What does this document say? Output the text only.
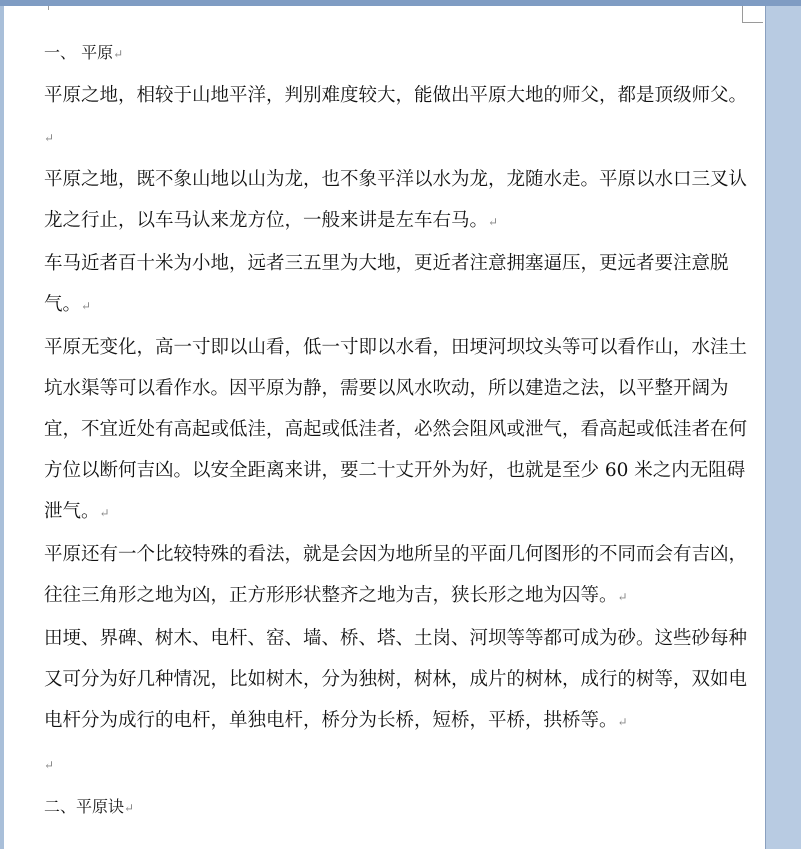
一、 平原↵

平原之地，相较于山地平洋，判别难度较大，能做出平原大地的师父，都是顶级师父。↵

平原之地，既不象山地以山为龙，也不象平洋以水为龙，龙随水走。平原以水口三叉认龙之行止，以车马认来龙方位，一般来讲是左车右马。↵

车马近者百十米为小地，远者三五里为大地，更近者注意拥塞逼压，更远者要注意脱气。↵

平原无变化，高一寸即以山看，低一寸即以水看，田埂河坝坟头等可以看作山，水洼土坑水渠等可以看作水。因平原为静，需要以风水吹动，所以建造之法，以平整开阔为宜，不宜近处有高起或低洼，高起或低洼者，必然会阻风或泄气，看高起或低洼者在何方位以断何吉凶。以安全距离来讲，要二十丈开外为好，也就是至少 60 米之内无阻碍泄气。↵

平原还有一个比较特殊的看法，就是会因为地所呈的平面几何图形的不同而会有吉凶，往往三角形之地为凶，正方形形状整齐之地为吉，狭长形之地为囚等。↵

田埂、界碑、树木、电杆、窑、墙、桥、塔、土岗、河坝等等都可成为砂。这些砂每种又可分为好几种情况，比如树木，分为独树，树林，成片的树林，成行的树等，双如电电杆分为成行的电杆，单独电杆，桥分为长桥，短桥，平桥，拱桥等。↵

↵

二、平原诀↵
